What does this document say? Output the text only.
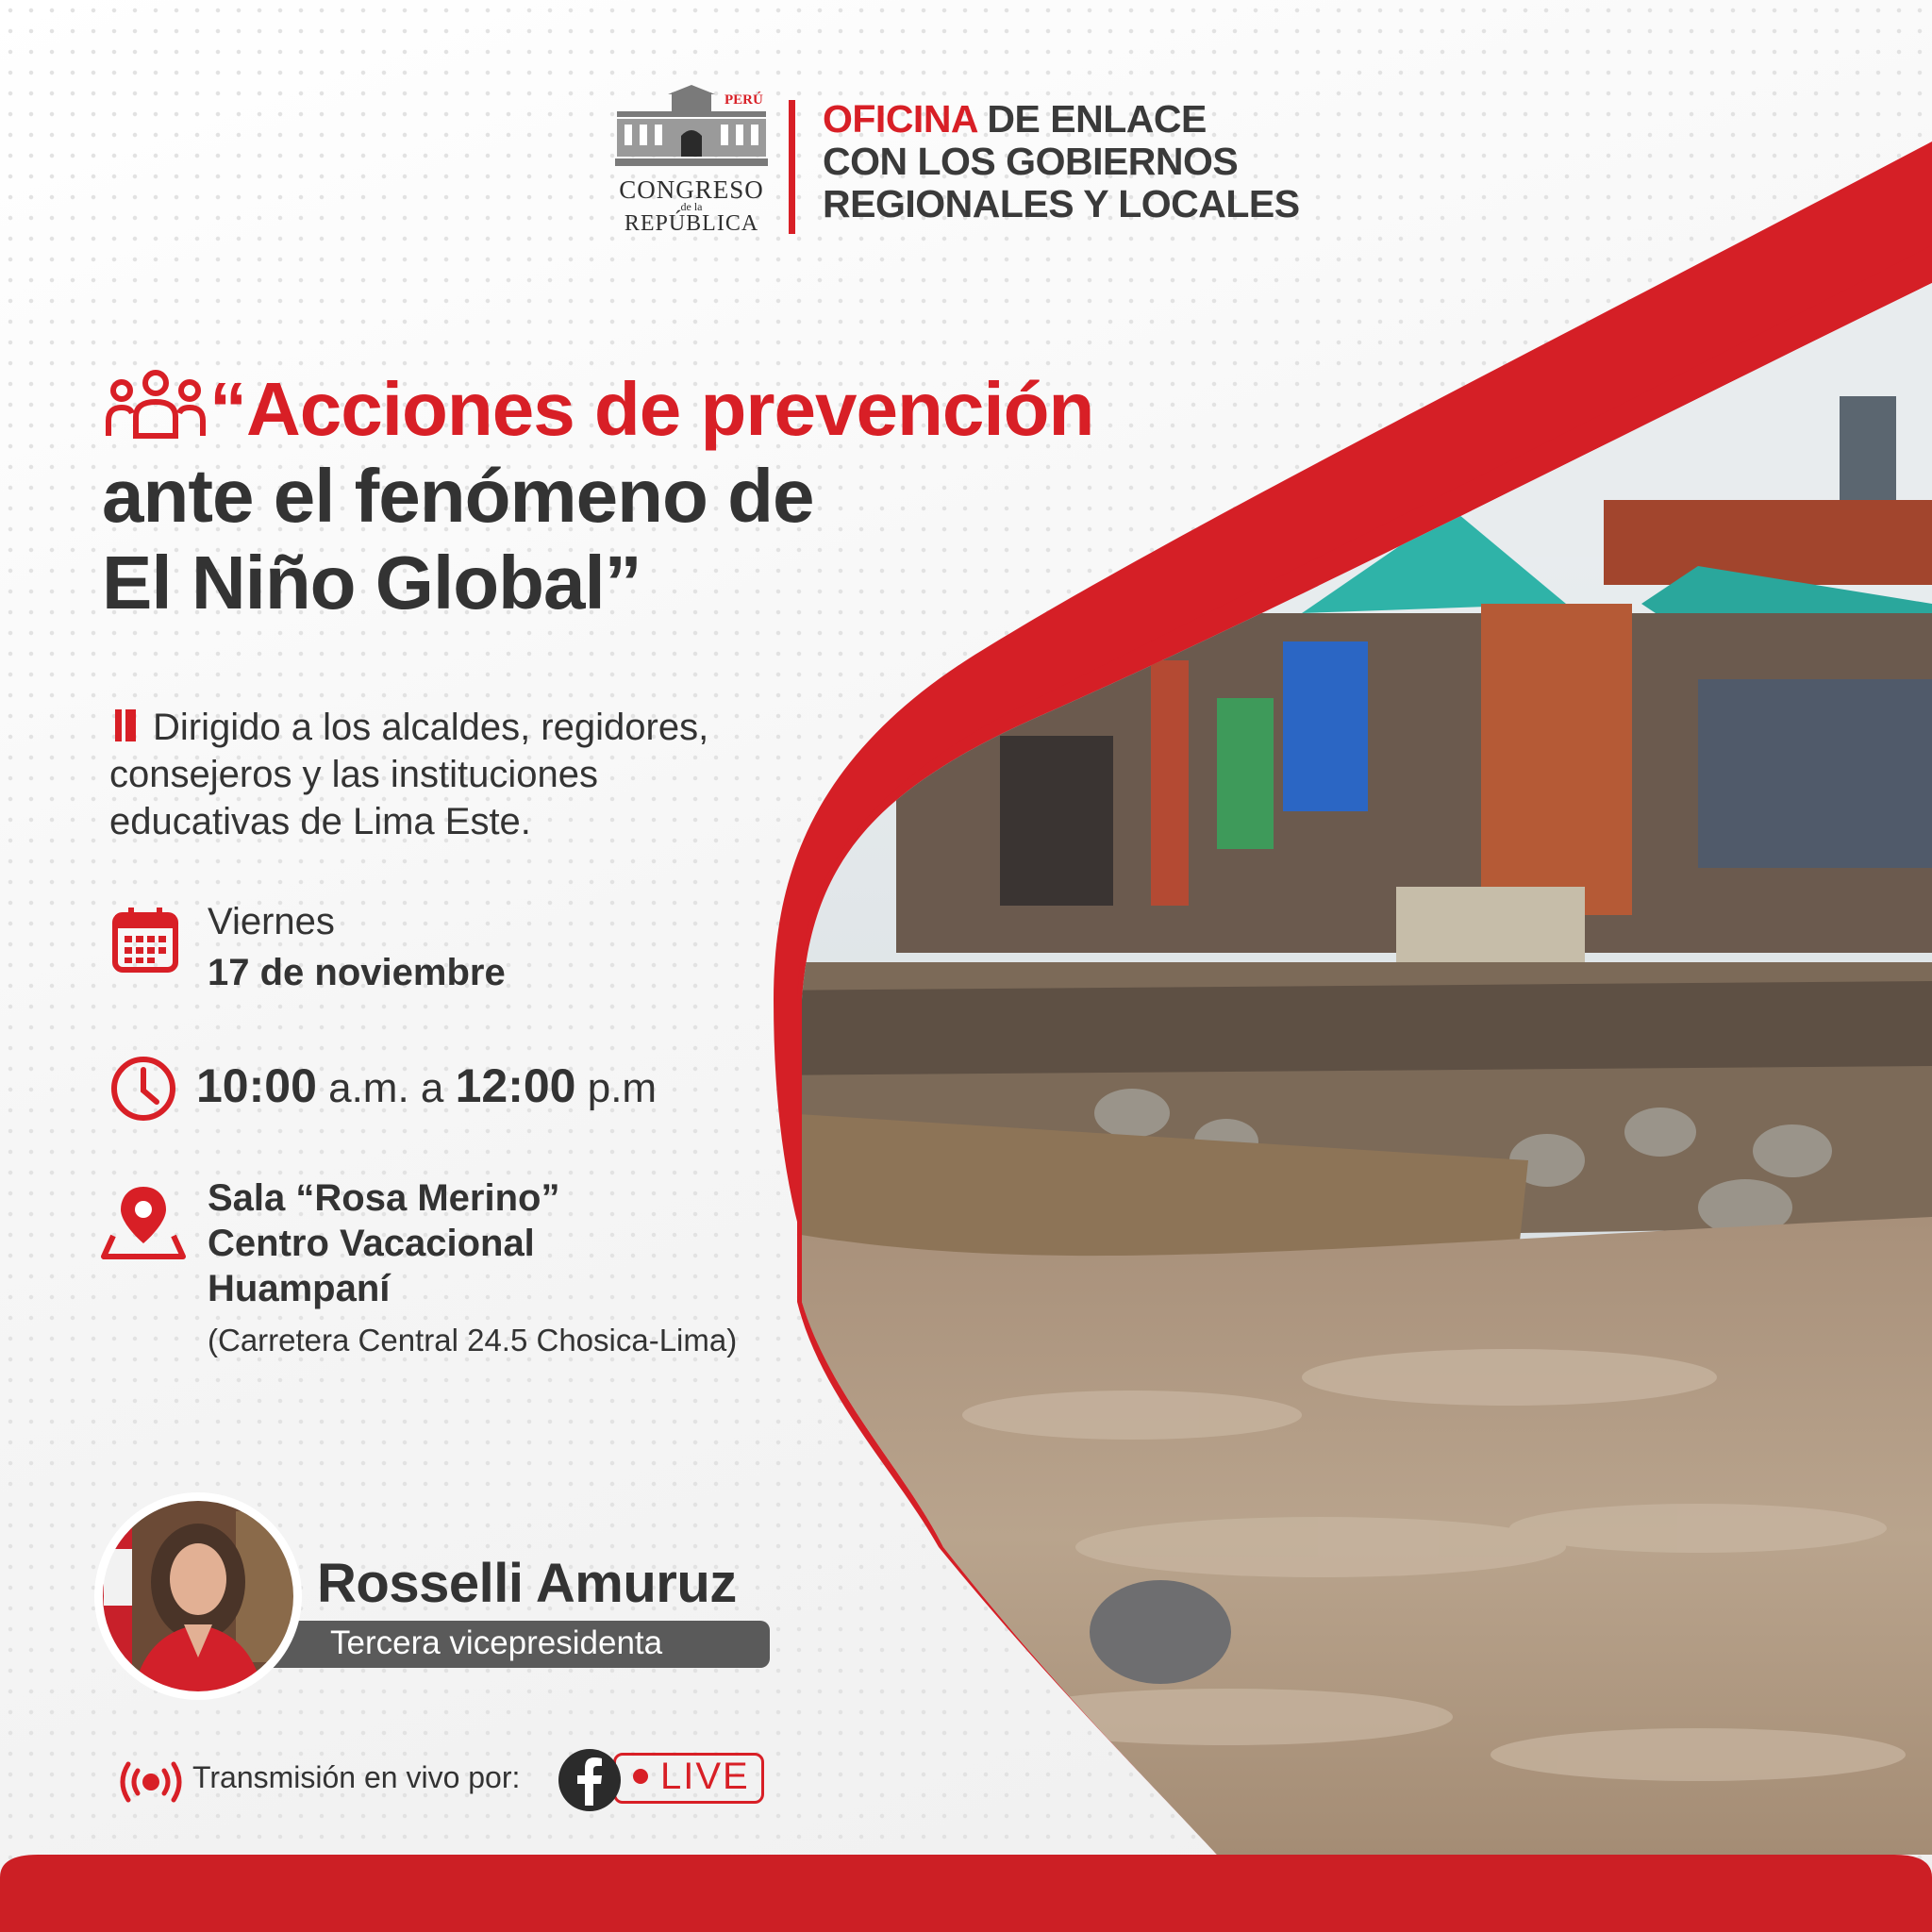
PERÚ
CONGRESO
de la
REPÚBLICA
OFICINA DE ENLACE
CON LOS GOBIERNOS
REGIONALES Y LOCALES
“Acciones de prevención
ante el fenómeno de
El Niño Global”
Dirigido a los alcaldes, regidores,
consejeros y las instituciones
educativas de Lima Este.
Viernes
17 de noviembre
10:00 a.m. a 12:00 p.m
Sala “Rosa Merino”
Centro Vacacional
Huampaní
(Carretera Central 24.5 Chosica-Lima)
Rosselli Amuruz
Tercera vicepresidenta
Transmisión en vivo por:	LIVE
